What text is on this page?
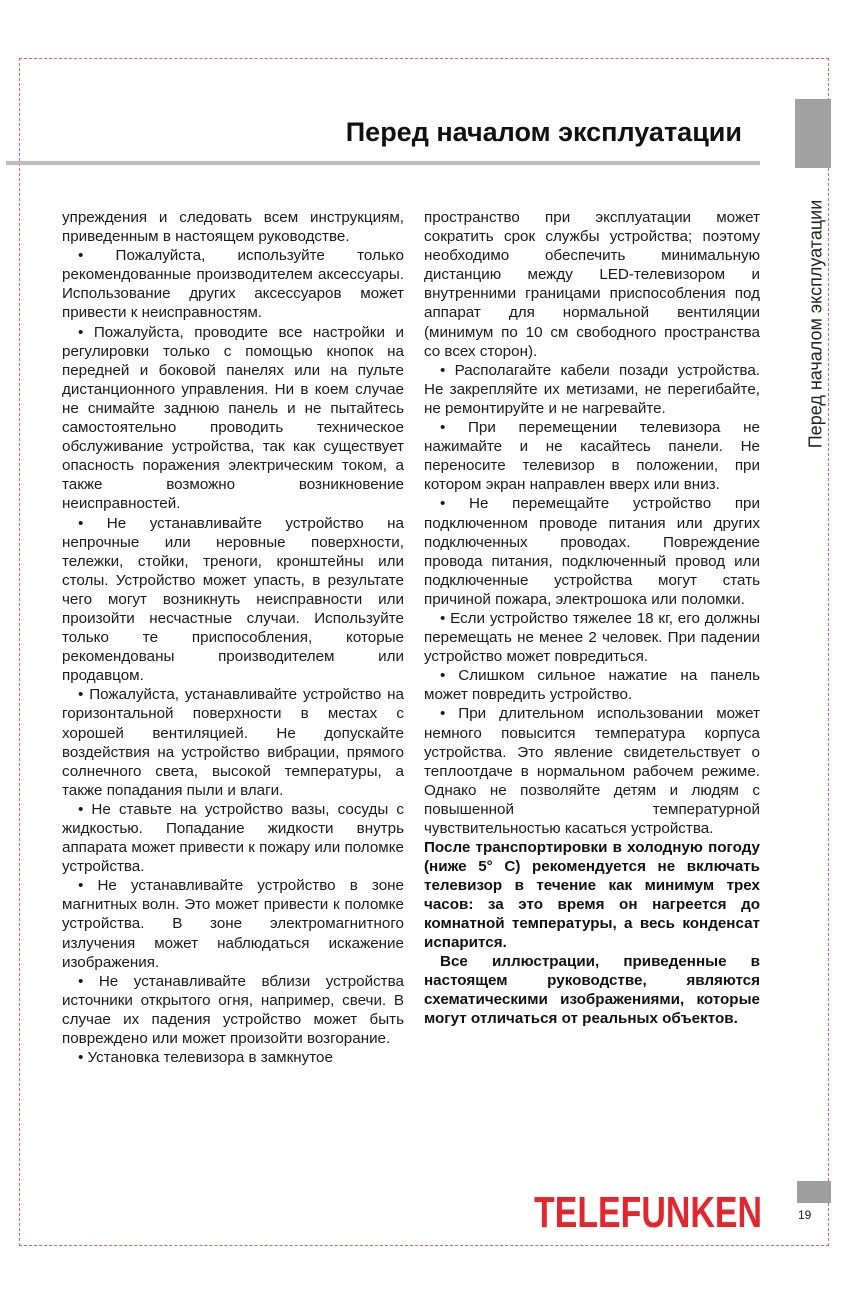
Перед началом эксплуатации
Перед началом эксплуатации

упреждения и следовать всем инструкциям, приведенным в настоящем руководстве.

• Пожалуйста, используйте только рекомендованные производителем аксессуары. Использование других аксессуаров может привести к неисправностям.

• Пожалуйста, проводите все настройки и регулировки только с помощью кнопок на передней и боковой панелях или на пульте дистанционного управления. Ни в коем случае не снимайте заднюю панель и не пытайтесь самостоятельно проводить техническое обслуживание устройства, так как существует опасность поражения электрическим током, а также возможно возникновение неисправностей.

• Не устанавливайте устройство на непрочные или неровные поверхности, тележки, стойки, треноги, кронштейны или столы. Устройство может упасть, в результате чего могут возникнуть неисправности или произойти несчастные случаи. Используйте только те приспособления, которые рекомендованы производителем или продавцом.

• Пожалуйста, устанавливайте устройство на горизонтальной поверхности в местах с хорошей вентиляцией. Не допускайте воздействия на устройство вибрации, прямого солнечного света, высокой температуры, а также попадания пыли и влаги.

• Не ставьте на устройство вазы, сосуды с жидкостью. Попадание жидкости внутрь аппарата может привести к пожару или поломке устройства.

• Не устанавливайте устройство в зоне магнитных волн. Это может привести к поломке устройства. В зоне электромагнитного излучения может наблюдаться искажение изображения.

• Не устанавливайте вблизи устройства источники открытого огня, например, свечи. В случае их падения устройство может быть повреждено или может произойти возгорание.

• Установка телевизора в замкнутое

пространство при эксплуатации может сократить срок службы устройства; поэтому необходимо обеспечить минимальную дистанцию между LED-телевизором и внутренними границами приспособления под аппарат для нормальной вентиляции (минимум по 10 см свободного пространства со всех сторон).

• Располагайте кабели позади устройства. Не закрепляйте их метизами, не перегибайте, не ремонтируйте и не нагревайте.

• При перемещении телевизора не нажимайте и не касайтесь панели. Не переносите телевизор в положении, при котором экран направлен вверх или вниз.

• Не перемещайте устройство при подключенном проводе питания или других подключенных проводах. Повреждение провода питания, подключенный провод или подключенные устройства могут стать причиной пожара, электрошока или поломки.

• Если устройство тяжелее 18 кг, его должны перемещать не менее 2 человек. При падении устройство может повредиться.

• Слишком сильное нажатие на панель может повредить устройство.

• При длительном использовании может немного повысится температура корпуса устройства. Это явление свидетельствует о теплоотдаче в нормальном рабочем режиме. Однако не позволяйте детям и людям с повышенной температурной чувствительностью касаться устройства.

После транспортировки в холодную погоду (ниже 5° С) рекомендуется не включать телевизор в течение как минимум трех часов: за это время он нагреется до комнатной температуры, а весь конденсат испарится.

Все иллюстрации, приведенные в настоящем руководстве, являются схематическими изображениями, которые могут отличаться от реальных объектов.

TELEFUNKEN	19
